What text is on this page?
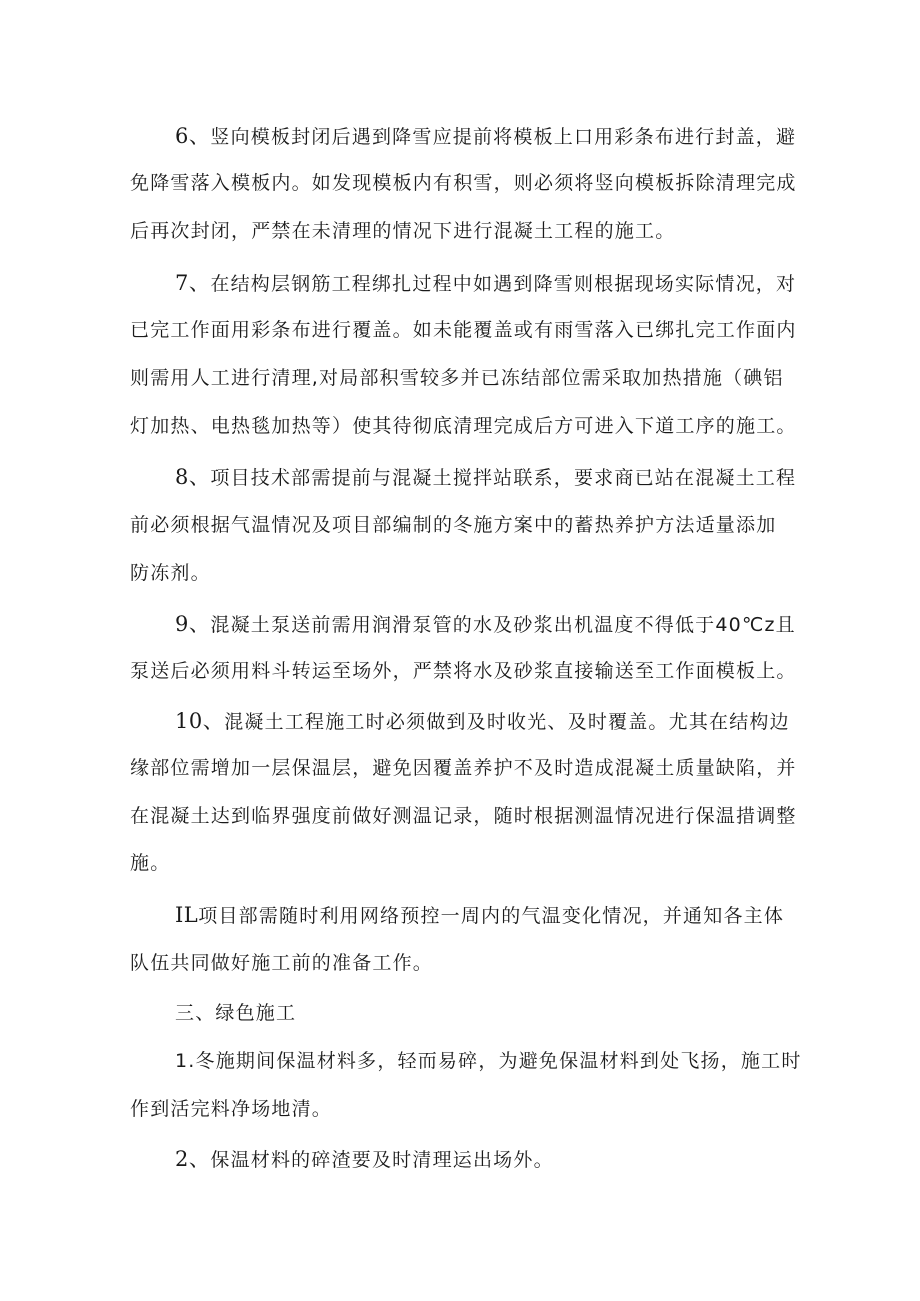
6、竖向模板封闭后遇到降雪应提前将模板上口用彩条布进行封盖，避
免降雪落入模板内。如发现模板内有积雪，则必须将竖向模板拆除清理完成
后再次封闭，严禁在未清理的情况下进行混凝土工程的施工。
7、在结构层钢筋工程绑扎过程中如遇到降雪则根据现场实际情况，对
已完工作面用彩条布进行覆盖。如未能覆盖或有雨雪落入已绑扎完工作面内
则需用人工进行清理,对局部积雪较多并已冻结部位需采取加热措施（碘铝
灯加热、电热毯加热等）使其待彻底清理完成后方可进入下道工序的施工。
8、项目技术部需提前与混凝土搅拌站联系，要求商已站在混凝土工程
前必须根据气温情况及项目部编制的冬施方案中的蓄热养护方法适量添加
防冻剂。
9、混凝土泵送前需用润滑泵管的水及砂浆出机温度不得低于40℃z且
泵送后必须用料斗转运至场外，严禁将水及砂浆直接输送至工作面模板上。
10、混凝土工程施工时必须做到及时收光、及时覆盖。尤其在结构边
缘部位需增加一层保温层，避免因覆盖养护不及时造成混凝土质量缺陷，并
在混凝土达到临界强度前做好测温记录，随时根据测温情况进行保温措调整
施。
IL项目部需随时利用网络预控一周内的气温变化情况，并通知各主体
队伍共同做好施工前的准备工作。
三、绿色施工
1.冬施期间保温材料多，轻而易碎，为避免保温材料到处飞扬，施工时
作到活完料净场地清。
2、保温材料的碎渣要及时清理运出场外。
